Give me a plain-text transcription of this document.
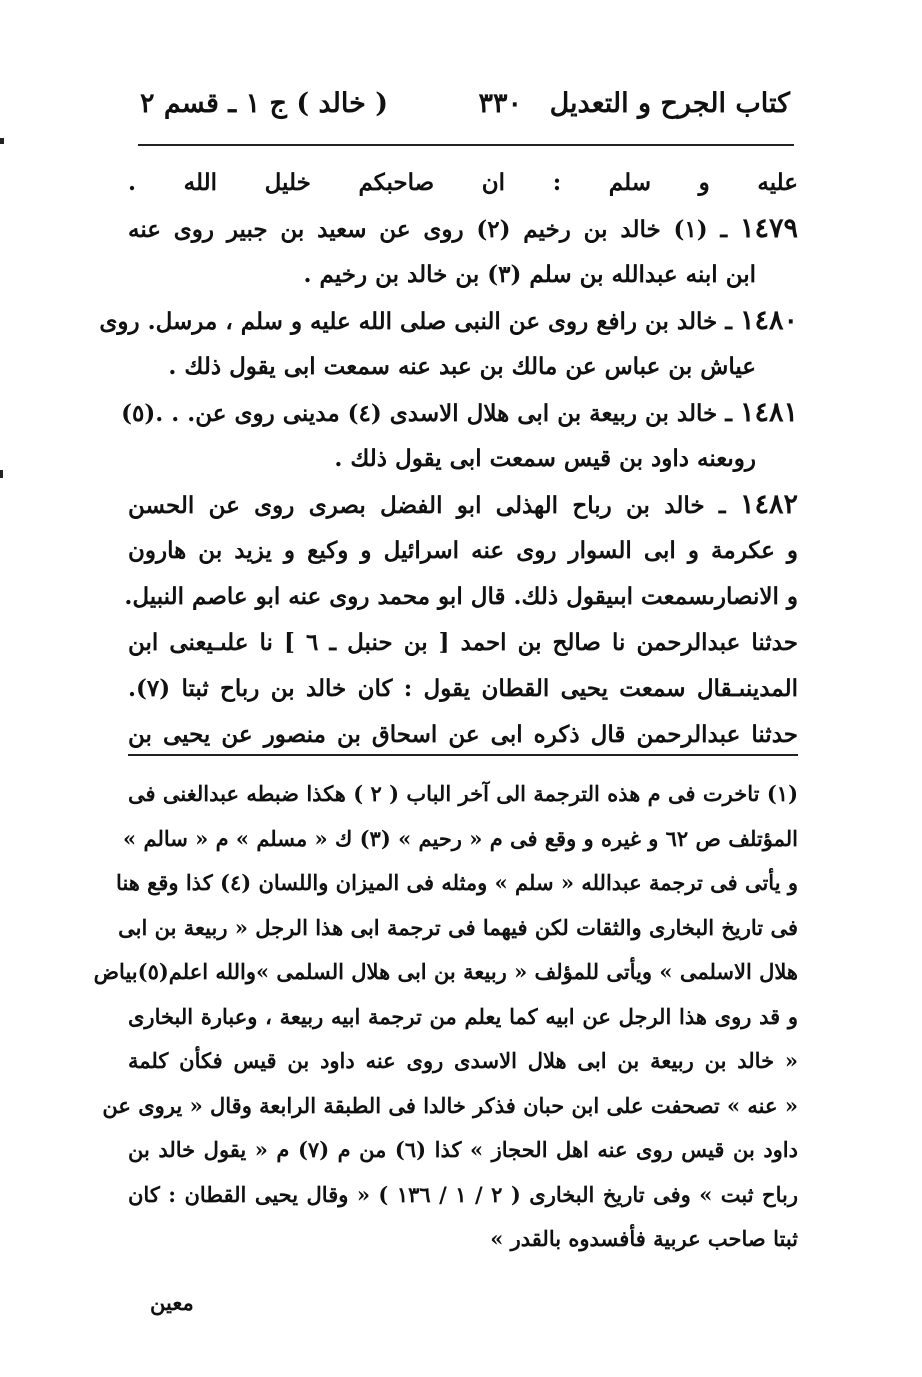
كتاب الجرح و التعديل
٣٣٠
( خالد ) ج ١ ـ قسم ٢
عليه و سلم : ان صاحبكم خليل الله .
١٤٧٩ ـ (١) خالد بن رخيم (٢) روى عن سعيد بن جبير روى عنه
ابن ابنه عبدالله بن سلم (٣) بن خالد بن رخيم .
١٤٨٠ ـ خالد بن رافع روى عن النبى صلى الله عليه و سلم ، مرسل. روى
عياش بن عباس عن مالك بن عبد عنه سمعت ابى يقول ذلك .
١٤٨١ ـ خالد بن ربيعة بن ابى هلال الاسدى (٤) مدينى روى عن. . .(٥)
روىعنه داود بن قيس سمعت ابى يقول ذلك .
١٤٨٢ ـ خالد بن رباح الهذلى ابو الفضل بصرى روى عن الحسن
و عكرمة و ابى السوار روى عنه اسرائيل و وكيع و يزيد بن هارون
و الانصارىسمعت ابىيقول ذلك. قال ابو محمد روى عنه ابو عاصم النبيل.
حدثنا عبدالرحمن نا صالح بن احمد [ بن حنبل ـ ٦ ] نا علىـيعنى ابن
المدينىـقال سمعت يحيى القطان يقول : كان خالد بن رباح ثبتا (٧).
حدثنا عبدالرحمن قال ذكره ابى عن اسحاق بن منصور عن يحيى بن
(١) تاخرت فى م هذه الترجمة الى آخر الباب ( ٢ ) هكذا ضبطه عبدالغنى فى
المؤتلف ص ٦٢ و غيره و وقع فى م « رحيم » (٣) ك « مسلم » م « سالم »
و يأتى فى ترجمة عبدالله « سلم » ومثله فى الميزان واللسان (٤) كذا وقع هنا
فى تاريخ البخارى والثقات لكن فيهما فى ترجمة ابى هذا الرجل « ربيعة بن ابى
هلال الاسلمى » ويأتى للمؤلف « ربيعة بن ابى هلال السلمى »والله اعلم(٥)بياض
و قد روى هذا الرجل عن ابيه كما يعلم من ترجمة ابيه ربيعة ، وعبارة البخارى
« خالد بن ربيعة بن ابى هلال الاسدى روى عنه داود بن قيس فكأن كلمة
« عنه » تصحفت على ابن حبان فذكر خالدا فى الطبقة الرابعة وقال « يروى عن
داود بن قيس روى عنه اهل الحجاز » كذا (٦) من م (٧) م « يقول خالد بن
رباح ثبت » وفى تاريخ البخارى ( ٢ / ١ / ١٣٦ ) « وقال يحيى القطان : كان
ثبتا صاحب عربية فأفسدوه بالقدر »
معين
